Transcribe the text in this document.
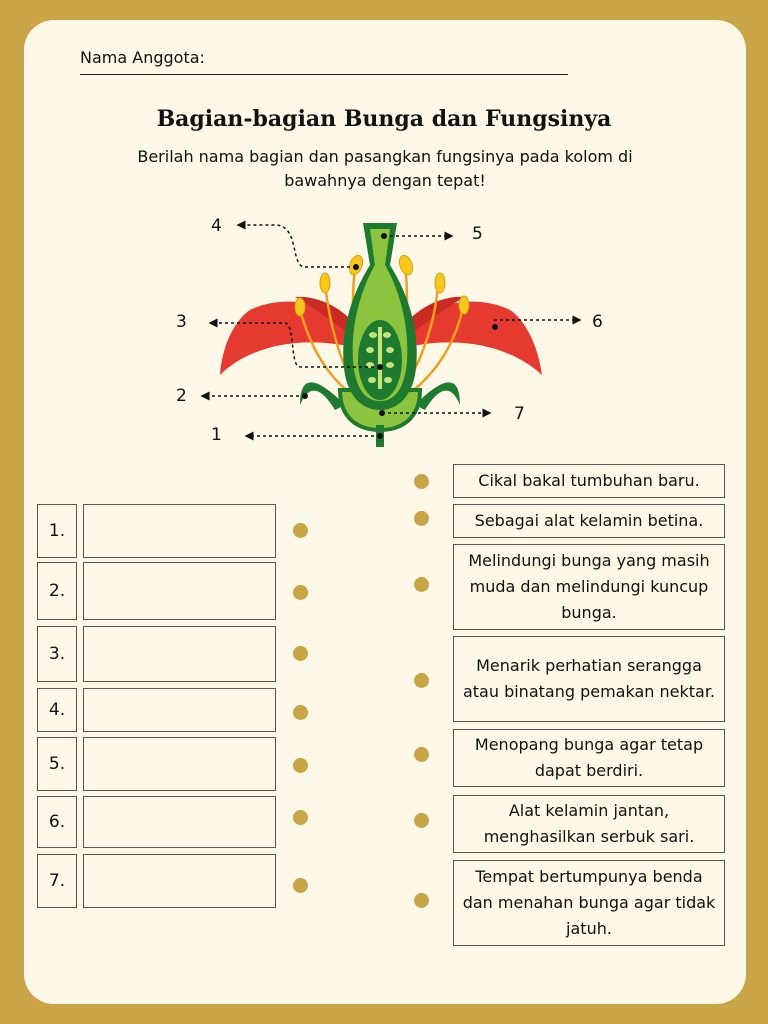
Nama Anggota:
Bagian-bagian Bunga dan Fungsinya
Berilah nama bagian dan pasangkan fungsinya pada kolom di bawahnya dengan tepat!
1
2
3
4	5
6
7
1.
2.
3.
4.
5.
6.
7.
Cikal bakal tumbuhan baru.
Sebagai alat kelamin betina.
Melindungi bunga yang masih muda dan melindungi kuncup bunga.
Menarik perhatian serangga atau binatang pemakan nektar.
Menopang bunga agar tetap dapat berdiri.
Alat kelamin jantan, menghasilkan serbuk sari.
Tempat bertumpunya benda dan menahan bunga agar tidak jatuh.
